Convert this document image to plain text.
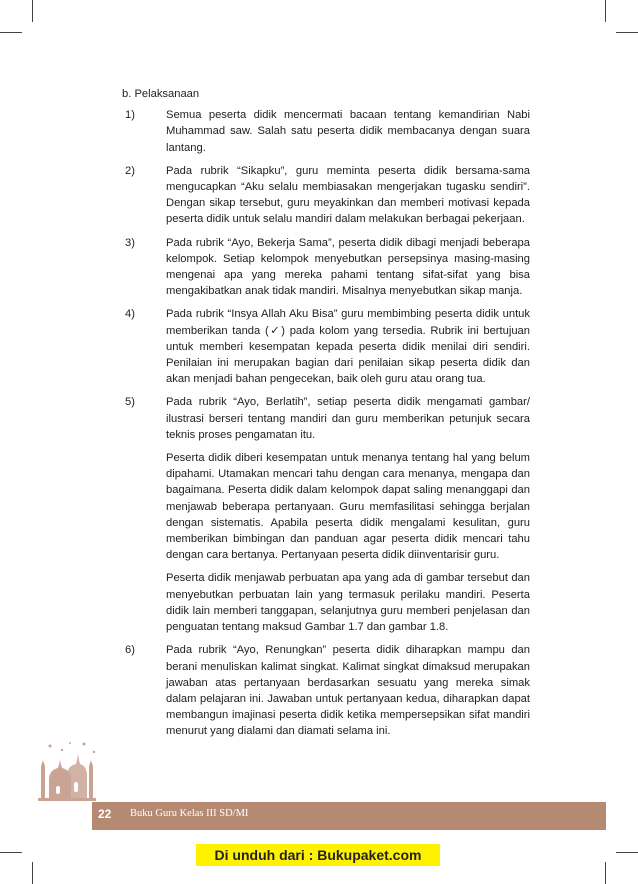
b. Pelaksanaan
1)	Semua peserta didik mencermati bacaan tentang kemandirian Nabi Muhammad saw. Salah satu peserta didik membacanya dengan suara lantang.

2)	Pada rubrik “Sikapku”, guru meminta peserta didik bersama-sama mengucapkan “Aku selalu membiasakan mengerjakan tugasku sendiri”. Dengan sikap tersebut, guru meyakinkan dan memberi motivasi kepada peserta didik untuk selalu mandiri dalam melakukan berbagai pekerjaan.

3)	Pada rubrik “Ayo, Bekerja Sama”, peserta didik dibagi menjadi beberapa kelompok. Setiap kelompok menyebutkan persepsinya masing-masing mengenai apa yang mereka pahami tentang sifat-sifat yang bisa mengakibatkan anak tidak mandiri. Misalnya menyebutkan sikap manja.

4)	Pada rubrik “Insya Allah Aku Bisa” guru membimbing peserta didik untuk memberikan tanda (✓) pada kolom yang tersedia. Rubrik ini bertujuan untuk memberi kesempatan kepada peserta didik menilai diri sendiri. Penilaian ini merupakan bagian dari penilaian sikap peserta didik dan akan menjadi bahan pengecekan, baik oleh guru atau orang tua.

5)	Pada rubrik “Ayo, Berlatih”, setiap peserta didik mengamati gambar/ ilustrasi berseri tentang mandiri dan guru memberikan petunjuk secara teknis proses pengamatan itu.

Peserta didik diberi kesempatan untuk menanya tentang hal yang belum dipahami. Utamakan mencari tahu dengan cara menanya, mengapa dan bagaimana. Peserta didik dalam kelompok dapat saling menanggapi dan menjawab beberapa pertanyaan. Guru memfasilitasi sehingga berjalan dengan sistematis. Apabila peserta didik mengalami kesulitan, guru memberikan bimbingan dan panduan agar peserta didik mencari tahu dengan cara bertanya. Pertanyaan peserta didik diinventarisir guru.

Peserta didik menjawab perbuatan apa yang ada di gambar tersebut dan menyebutkan perbuatan lain yang termasuk perilaku mandiri. Peserta didik lain memberi tanggapan, selanjutnya guru memberi penjelasan dan penguatan tentang maksud Gambar 1.7 dan gambar 1.8.

6)	Pada rubrik “Ayo, Renungkan” peserta didik diharapkan mampu dan berani menuliskan kalimat singkat. Kalimat singkat dimaksud merupakan jawaban atas pertanyaan berdasarkan sesuatu yang mereka simak dalam pelajaran ini. Jawaban untuk pertanyaan kedua, diharapkan dapat membangun imajinasi peserta didik ketika mempersepsikan sifat mandiri menurut yang dialami dan diamati selama ini.

22 Buku Guru Kelas III SD/MI
Di unduh dari : Bukupaket.com
